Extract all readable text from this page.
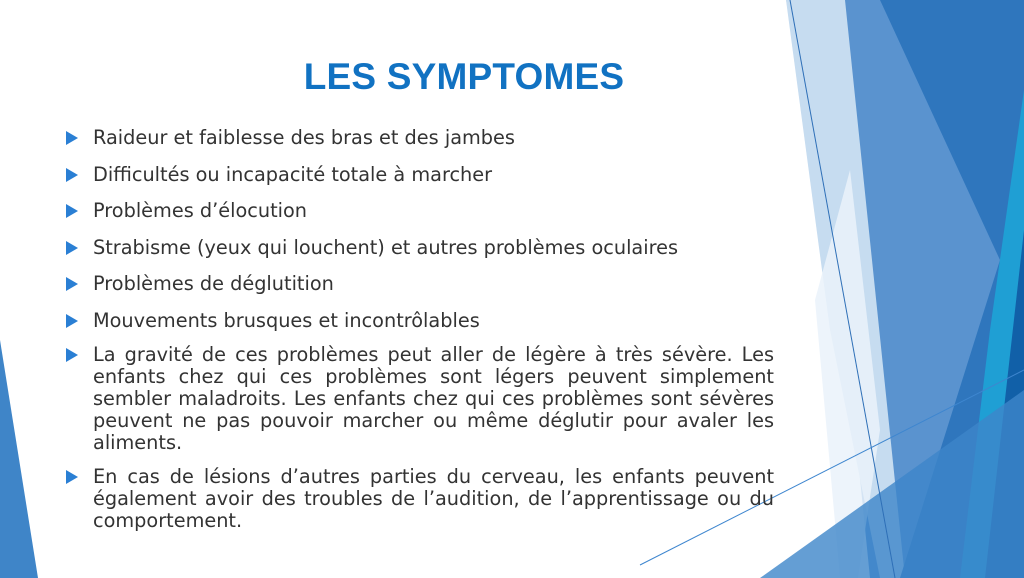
LES SYMPTOMES
Raideur et faiblesse des bras et des jambes
Difficultés ou incapacité totale à marcher
Problèmes d’élocution
Strabisme (yeux qui louchent) et autres problèmes oculaires
Problèmes de déglutition
Mouvements brusques et incontrôlables
La gravité de ces problèmes peut aller de légère à très sévère. Les enfants chez qui ces problèmes sont légers peuvent simplement sembler maladroits. Les enfants chez qui ces problèmes sont sévères peuvent ne pas pouvoir marcher ou même déglutir pour avaler les aliments.
En cas de lésions d’autres parties du cerveau, les enfants peuvent également avoir des troubles de l’audition, de l’apprentissage ou du comportement.
